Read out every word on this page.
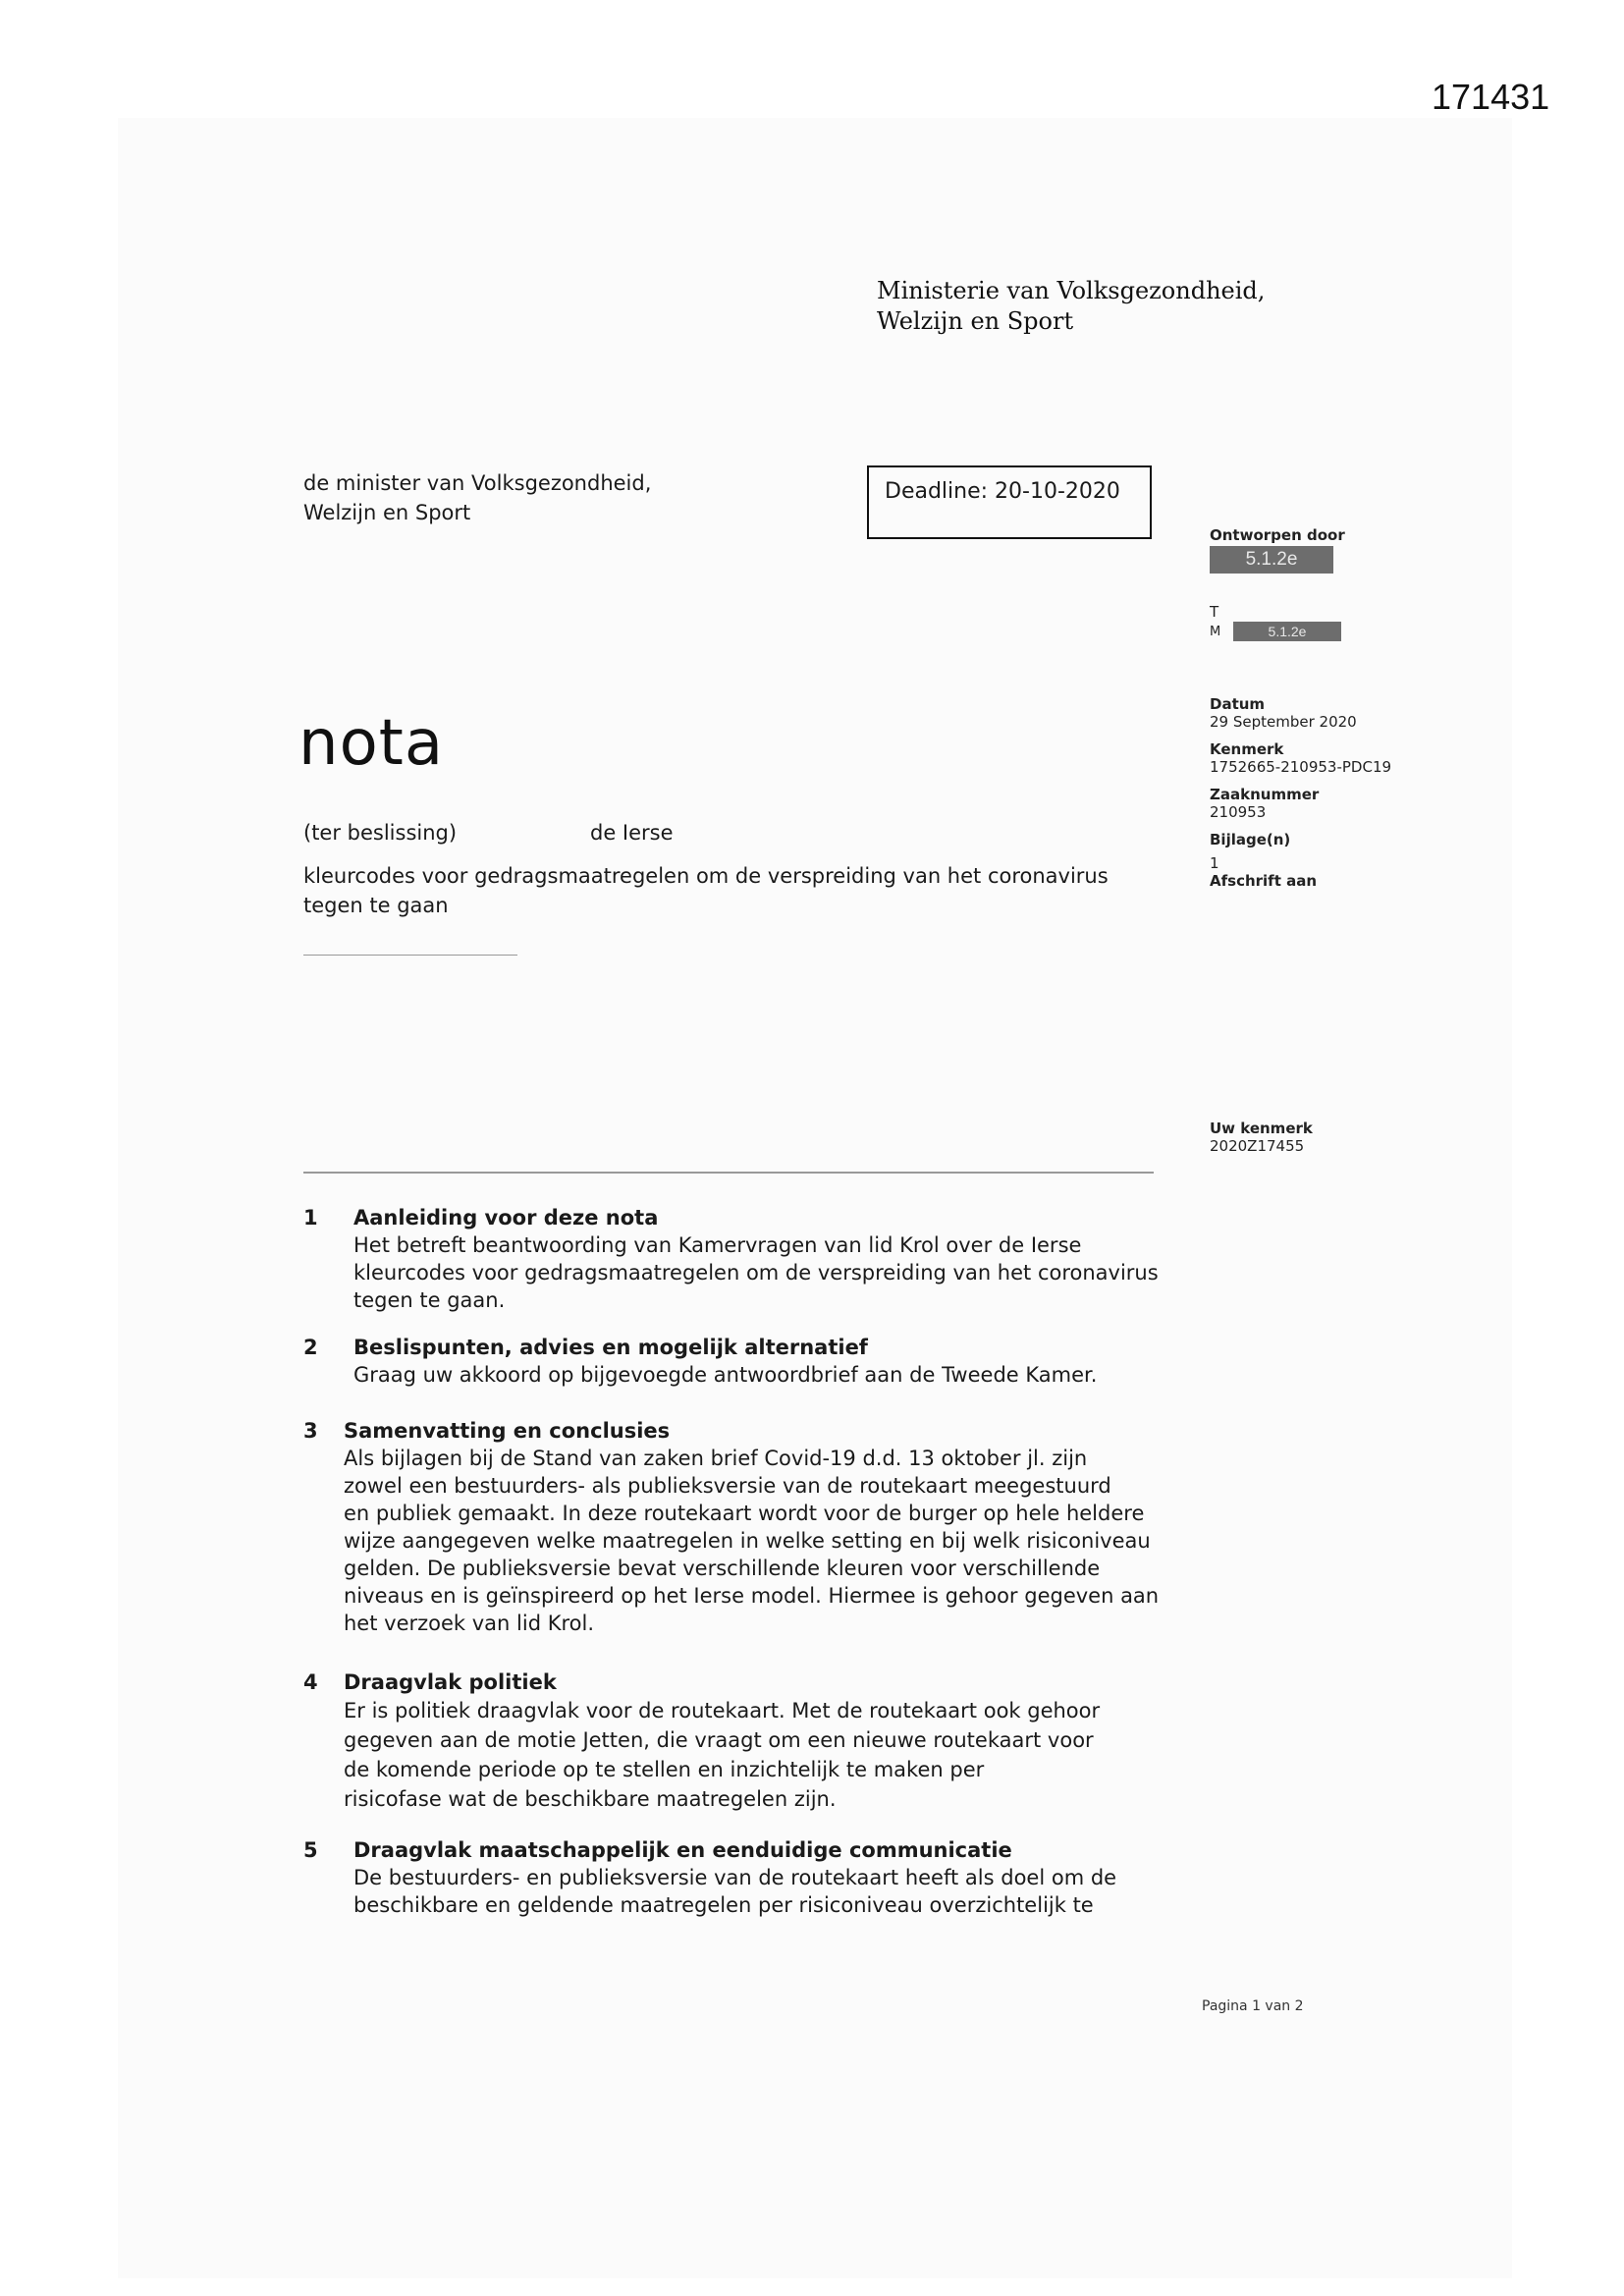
171431
Ministerie van Volksgezondheid,
Welzijn en Sport
de minister van Volksgezondheid,
Welzijn en Sport
Deadline: 20-10-2020
Ontworpen door
5.1.2e
T
M	5.1.2e
Datum
29 September 2020
Kenmerk
1752665-210953-PDC19
Zaaknummer
210953
Bijlage(n)
1
Afschrift aan
Uw kenmerk
2020Z17455
nota
(ter beslissing)	de Ierse
kleurcodes voor gedragsmaatregelen om de verspreiding van het coronavirus tegen te gaan
1 Aanleiding voor deze nota
Het betreft beantwoording van Kamervragen van lid Krol over de Ierse
kleurcodes voor gedragsmaatregelen om de verspreiding van het coronavirus
tegen te gaan.
2 Beslispunten, advies en mogelijk alternatief
Graag uw akkoord op bijgevoegde antwoordbrief aan de Tweede Kamer.
3 Samenvatting en conclusies
Als bijlagen bij de Stand van zaken brief Covid-19 d.d. 13 oktober jl. zijn
zowel een bestuurders- als publieksversie van de routekaart meegestuurd
en publiek gemaakt. In deze routekaart wordt voor de burger op hele heldere
wijze aangegeven welke maatregelen in welke setting en bij welk risiconiveau
gelden. De publieksversie bevat verschillende kleuren voor verschillende
niveaus en is geïnspireerd op het Ierse model. Hiermee is gehoor gegeven aan
het verzoek van lid Krol.
4 Draagvlak politiek
Er is politiek draagvlak voor de routekaart. Met de routekaart ook gehoor
gegeven aan de motie Jetten, die vraagt om een nieuwe routekaart voor
de komende periode op te stellen en inzichtelijk te maken per
risicofase wat de beschikbare maatregelen zijn.
5 Draagvlak maatschappelijk en eenduidige communicatie
De bestuurders- en publieksversie van de routekaart heeft als doel om de
beschikbare en geldende maatregelen per risiconiveau overzichtelijk te
Pagina 1 van 2
